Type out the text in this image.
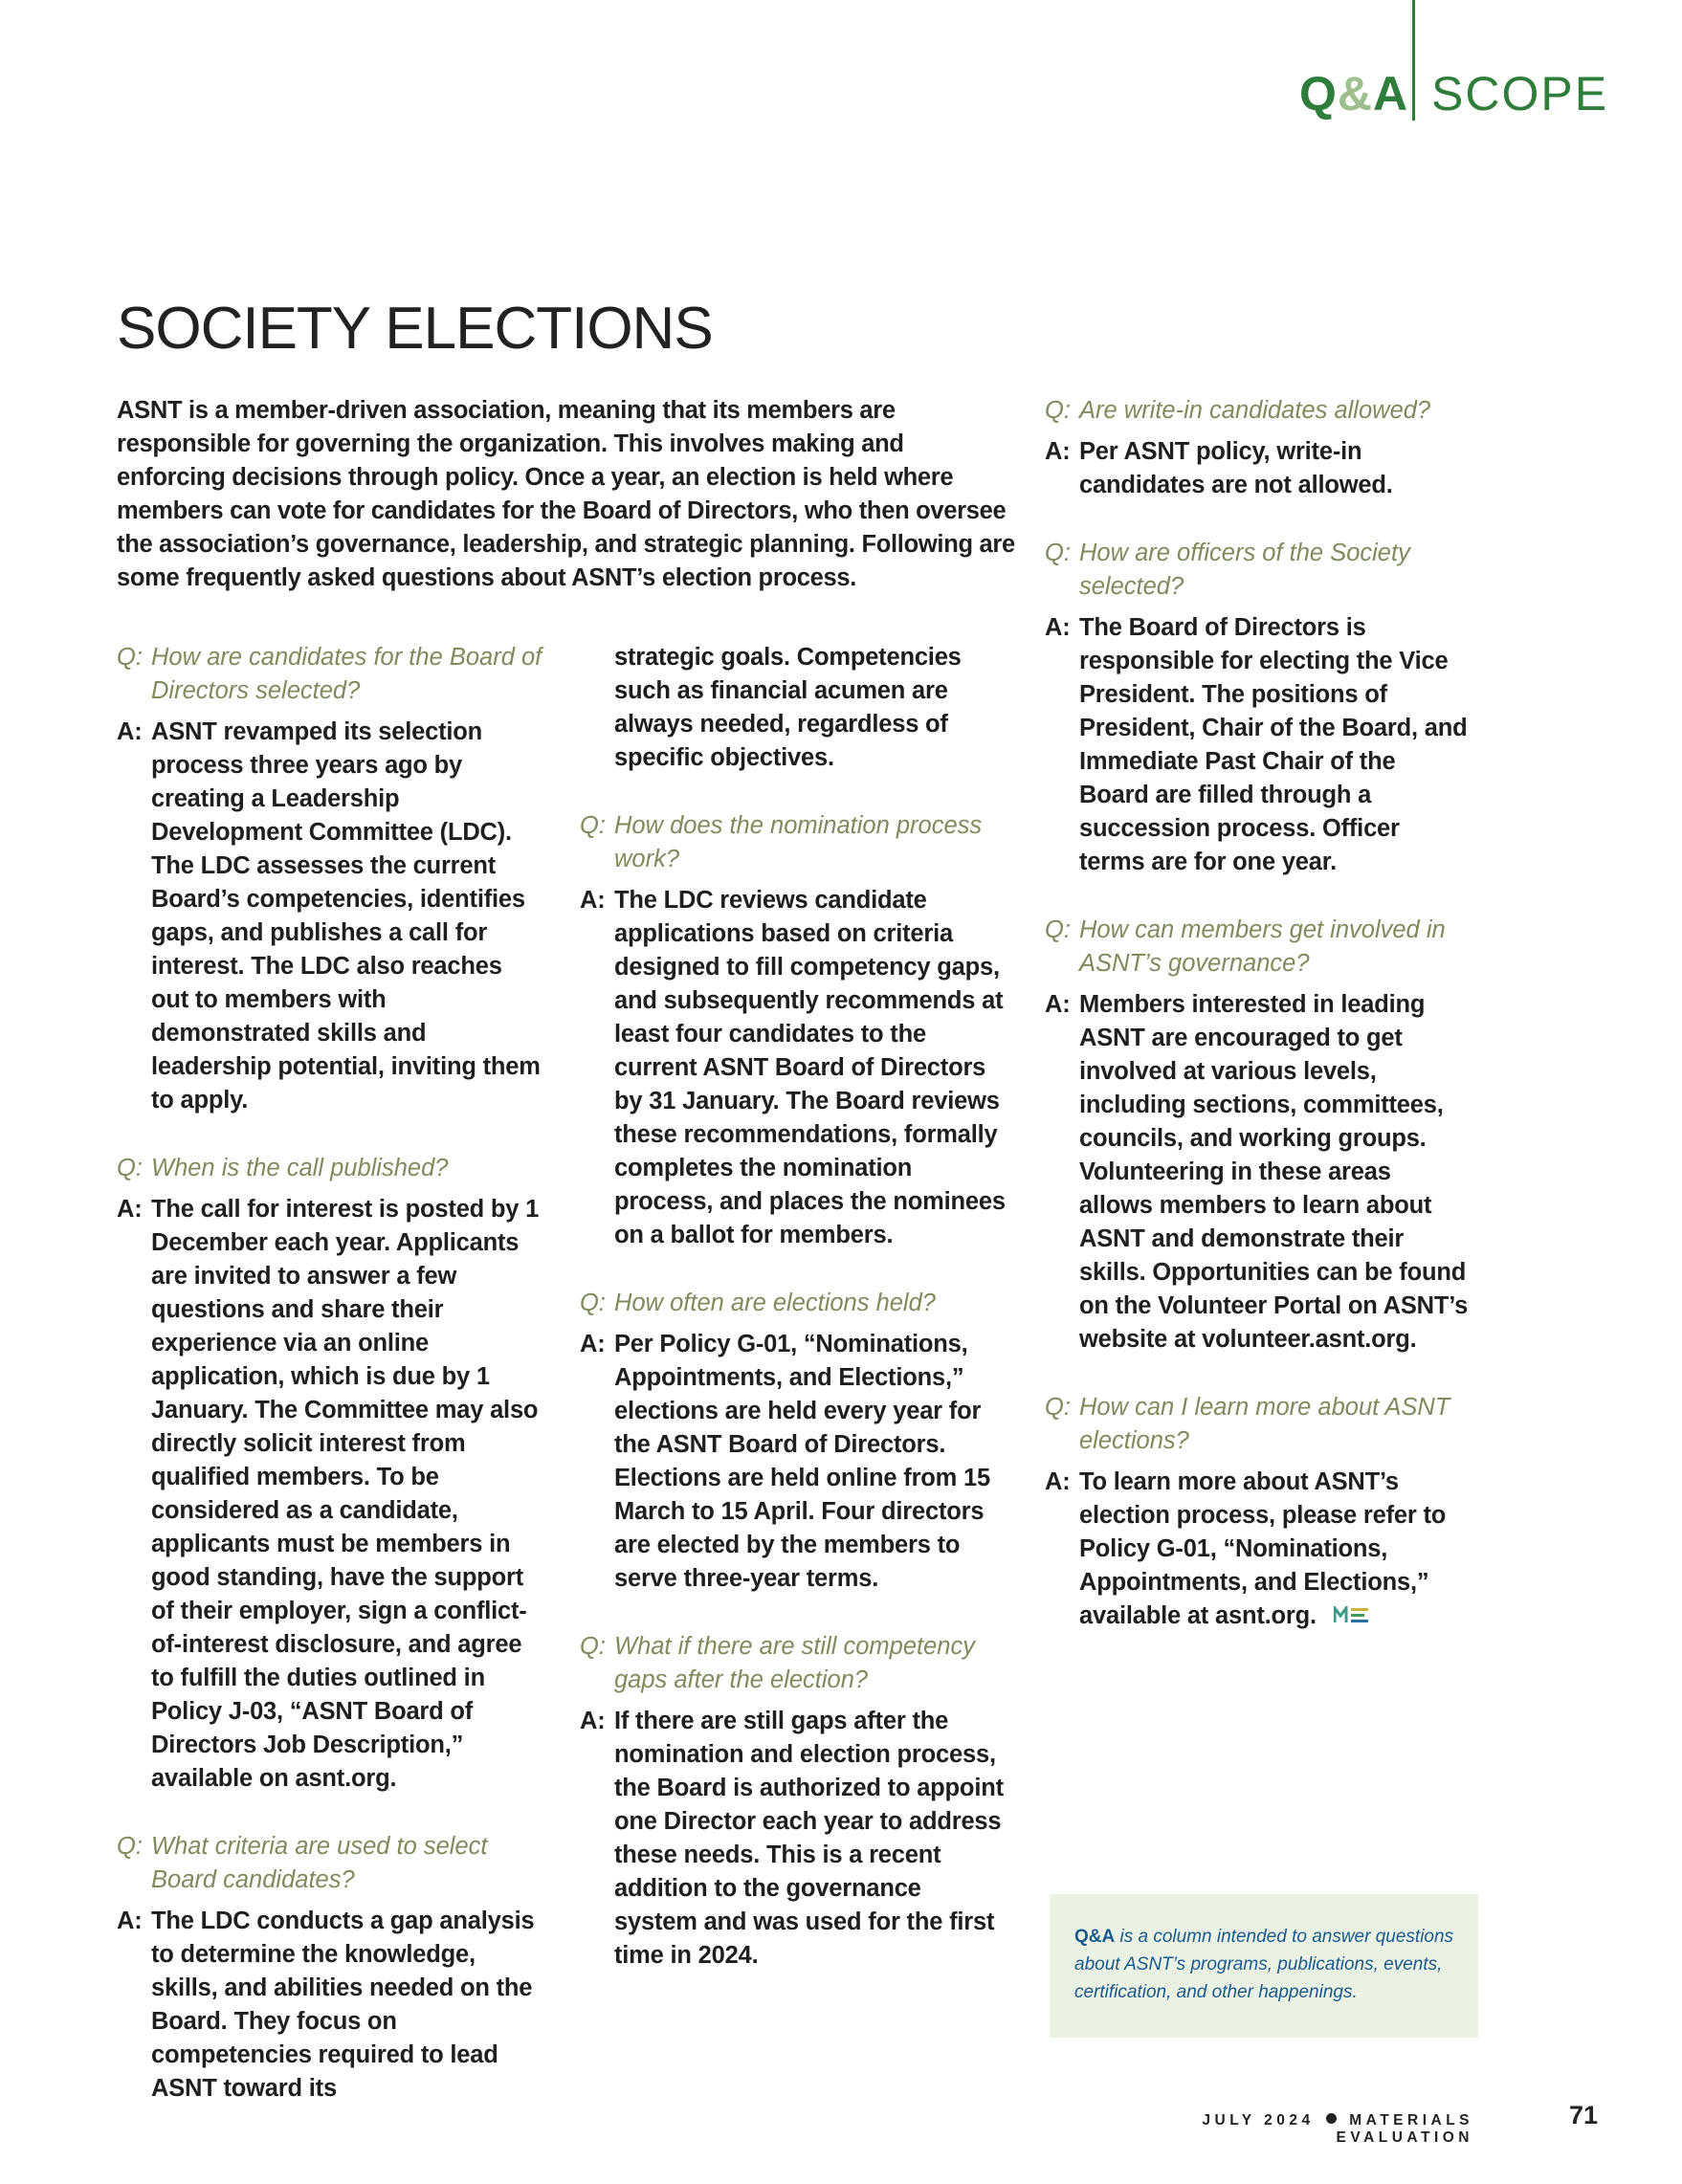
Q&A SCOPE
SOCIETY ELECTIONS

ASNT is a member-driven association, meaning that its members are responsible for governing the organization. This involves making and enforcing decisions through policy. Once a year, an election is held where members can vote for candidates for the Board of Directors, who then oversee the association’s governance, leadership, and strategic planning. Following are some frequently asked questions about ASNT’s election process.

Q: How are candidates for the Board of Directors selected?

A: ASNT revamped its selection process three years ago by creating a Leadership Development Committee (LDC). The LDC assesses the current Board’s competencies, identifies gaps, and publishes a call for interest. The LDC also reaches out to members with demonstrated skills and leadership potential, inviting them to apply.

Q: When is the call published?

A: The call for interest is posted by 1 December each year. Applicants are invited to answer a few questions and share their experience via an online application, which is due by 1 January. The Committee may also directly solicit interest from qualified members. To be considered as a candidate, applicants must be members in good standing, have the support of their employer, sign a conflict-of-interest disclosure, and agree to fulfill the duties outlined in Policy J-03, “ASNT Board of Directors Job Description,” available on asnt.org.

Q: What criteria are used to select Board candidates?

A: The LDC conducts a gap analysis to determine the knowledge, skills, and abilities needed on the Board. They focus on competencies required to lead ASNT toward its

strategic goals. Competencies such as financial acumen are always needed, regardless of specific objectives.

Q: How does the nomination process work?

A: The LDC reviews candidate applications based on criteria designed to fill competency gaps, and subsequently recommends at least four candidates to the current ASNT Board of Directors by 31 January. The Board reviews these recommendations, formally completes the nomination process, and places the nominees on a ballot for members.

Q: How often are elections held?

A: Per Policy G-01, “Nominations, Appointments, and Elections,” elections are held every year for the ASNT Board of Directors. Elections are held online from 15 March to 15 April. Four directors are elected by the members to serve three-year terms.

Q: What if there are still competency gaps after the election?

A: If there are still gaps after the nomination and election process, the Board is authorized to appoint one Director each year to address these needs. This is a recent addition to the governance system and was used for the first time in 2024.

Q: Are write-in candidates allowed?

A: Per ASNT policy, write-in candidates are not allowed.

Q: How are officers of the Society selected?

A: The Board of Directors is responsible for electing the Vice President. The positions of President, Chair of the Board, and Immediate Past Chair of the Board are filled through a succession process. Officer terms are for one year.

Q: How can members get involved in ASNT’s governance?

A: Members interested in leading ASNT are encouraged to get involved at various levels, including sections, committees, councils, and working groups. Volunteering in these areas allows members to learn about ASNT and demonstrate their skills. Opportunities can be found on the Volunteer Portal on ASNT’s website at volunteer.asnt.org.

Q: How can I learn more about ASNT elections?

A: To learn more about ASNT’s election process, please refer to Policy G-01, “Nominations, Appointments, and Elections,” available at asnt.org.

Q&A is a column intended to answer questions about ASNT’s programs, publications, events, certification, and other happenings.
JULY 2024 MATERIALS EVALUATION
71
